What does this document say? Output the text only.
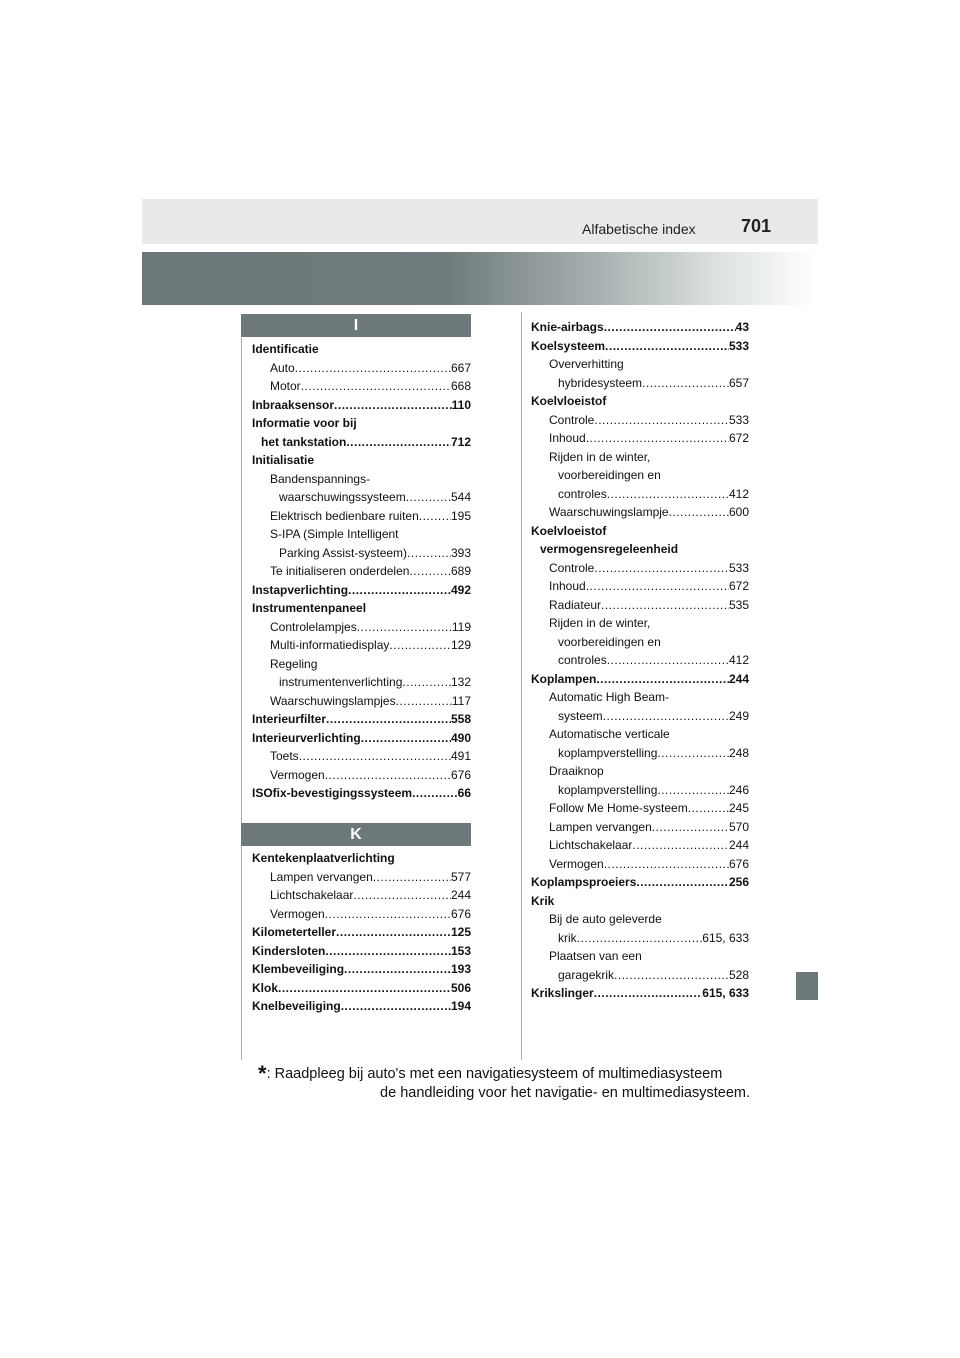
Alfabetische index	701
I
Identificatie
Auto .....	667
Motor .....	668
Inbraaksensor .....	110
Informatie voor bij
het tankstation .....	712
Initialisatie
Bandenspannings-
waarschuwingssysteem .....	544
Elektrisch bedienbare ruiten .....	195
S-IPA (Simple Intelligent
Parking Assist-systeem) .....	393
Te initialiseren onderdelen .....	689
Instapverlichting .....	492
Instrumentenpaneel
Controlelampjes .....	119
Multi-informatiedisplay .....	129
Regeling
instrumentenverlichting .....	132
Waarschuwingslampjes .....	117
Interieurfilter .....	558
Interieurverlichting .....	490
Toets .....	491
Vermogen .....	676
ISOfix-bevestigingssysteem .....	66
K
Kentekenplaatverlichting
Lampen vervangen .....	577
Lichtschakelaar .....	244
Vermogen .....	676
Kilometerteller .....	125
Kindersloten .....	153
Klembeveiliging .....	193
Klok .....	506
Knelbeveiliging .....	194
Knie-airbags .....	43
Koelsysteem .....	533
Oververhitting
hybridesysteem .....	657
Koelvloeistof
Controle .....	533
Inhoud .....	672
Rijden in de winter,
voorbereidingen en
controles .....	412
Waarschuwingslampje .....	600
Koelvloeistof
vermogensregeleenheid
Controle .....	533
Inhoud .....	672
Radiateur .....	535
Rijden in de winter,
voorbereidingen en
controles .....	412
Koplampen .....	244
Automatic High Beam-
systeem .....	249
Automatische verticale
koplampverstelling .....	248
Draaiknop
koplampverstelling .....	246
Follow Me Home-systeem .....	245
Lampen vervangen .....	570
Lichtschakelaar .....	244
Vermogen .....	676
Koplampsproeiers .....	256
Krik
Bij de auto geleverde
krik .....	615, 633
Plaatsen van een
garagekrik .....	528
Krikslinger .....	615, 633
*: Raadpleeg bij auto's met een navigatiesysteem of multimediasysteem
de handleiding voor het navigatie- en multimediasysteem.
